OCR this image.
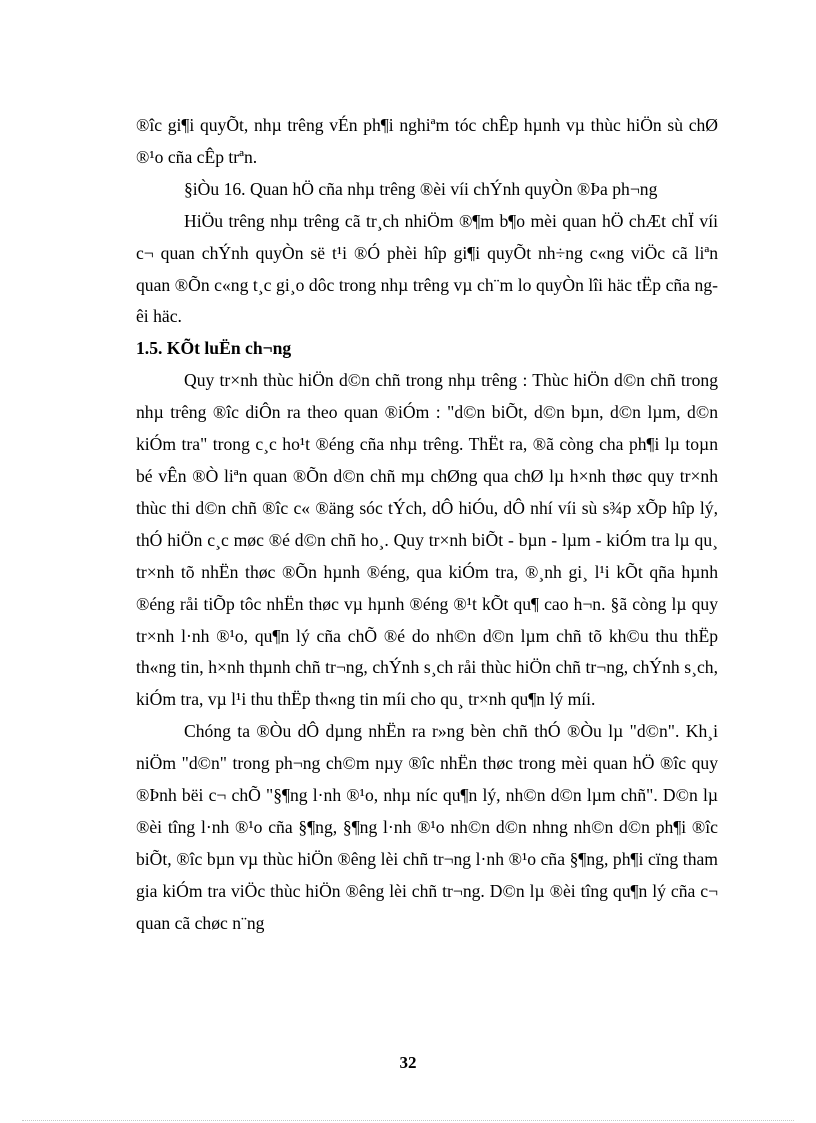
®îc gi¶i quyÕt, nhµ trêng vÉn ph¶i nghiªm tóc chÊp hµnh vµ thùc hiÖn sù chØ ®¹o cña cÊp trªn.

§iÒu 16. Quan hÖ cña nhµ trêng ®èi víi chÝnh quyÒn ®Þa ph¬ng

HiÖu trêng nhµ trêng cã tr¸ch nhiÖm ®¶m b¶o mèi quan hÖ chÆt chÏ víi c¬ quan chÝnh quyÒn së t¹i ®Ó phèi hîp gi¶i quyÕt nh÷ng c«ng viÖc cã liªn quan ®Õn c«ng t¸c gi¸o dôc trong nhµ trêng vµ ch¨m lo quyÒn lîi häc tËp cña ngêi häc.

1.5. KÕt luËn ch¬ng

Quy tr×nh thùc hiÖn d©n chñ trong nhµ trêng : Thùc hiÖn d©n chñ trong nhµ trêng ®îc diÔn ra theo quan ®iÓm : "d©n biÕt, d©n bµn, d©n lµm, d©n kiÓm tra" trong c¸c ho¹t ®éng cña nhµ trêng. ThËt ra, ®ã còng cha ph¶i lµ toµn bé vÊn ®Ò liªn quan ®Õn d©n chñ mµ chØng qua chØ lµ h×nh thøc quy tr×nh thùc thi d©n chñ ®îc c« ®äng sóc tÝch, dÔ hiÓu, dÔ nhí víi sù s¾p xÕp hîp lý, thÓ hiÖn c¸c møc ®é d©n chñ ho¸. Quy tr×nh biÕt - bµn - lµm - kiÓm tra lµ qu¸ tr×nh tõ nhËn thøc ®Õn hµnh ®éng, qua kiÓm tra, ®¸nh gi¸ l¹i kÕt qña hµnh ®éng råi tiÕp tôc nhËn thøc vµ hµnh ®éng ®¹t kÕt qu¶ cao h¬n. §ã còng lµ quy tr×nh l·nh ®¹o, qu¶n lý cña chÕ ®é do nh©n d©n lµm chñ tõ kh©u thu thËp th«ng tin, h×nh thµnh chñ tr¬ng, chÝnh s¸ch råi thùc hiÖn chñ tr¬ng, chÝnh s¸ch, kiÓm tra, vµ l¹i thu thËp th«ng tin míi cho qu¸ tr×nh qu¶n lý míi.

Chóng ta ®Òu dÔ dµng nhËn ra r»ng bèn chñ thÓ ®Òu lµ "d©n". Kh¸i niÖm "d©n" trong ph¬ng ch©m nµy ®îc nhËn thøc trong mèi quan hÖ ®îc quy ®Þnh bëi c¬ chÕ "§¶ng l·nh ®¹o, nhµ níc qu¶n lý, nh©n d©n lµm chñ". D©n lµ ®èi tîng l·nh ®¹o cña §¶ng, §¶ng l·nh ®¹o nh©n d©n nhng nh©n d©n ph¶i ®îc biÕt, ®îc bµn vµ thùc hiÖn ®êng lèi chñ tr¬ng l·nh ®¹o cña §¶ng, ph¶i cïng tham gia kiÓm tra viÖc thùc hiÖn ®êng lèi chñ tr¬ng. D©n lµ ®èi tîng qu¶n lý cña c¬ quan cã chøc n¨ng

32
